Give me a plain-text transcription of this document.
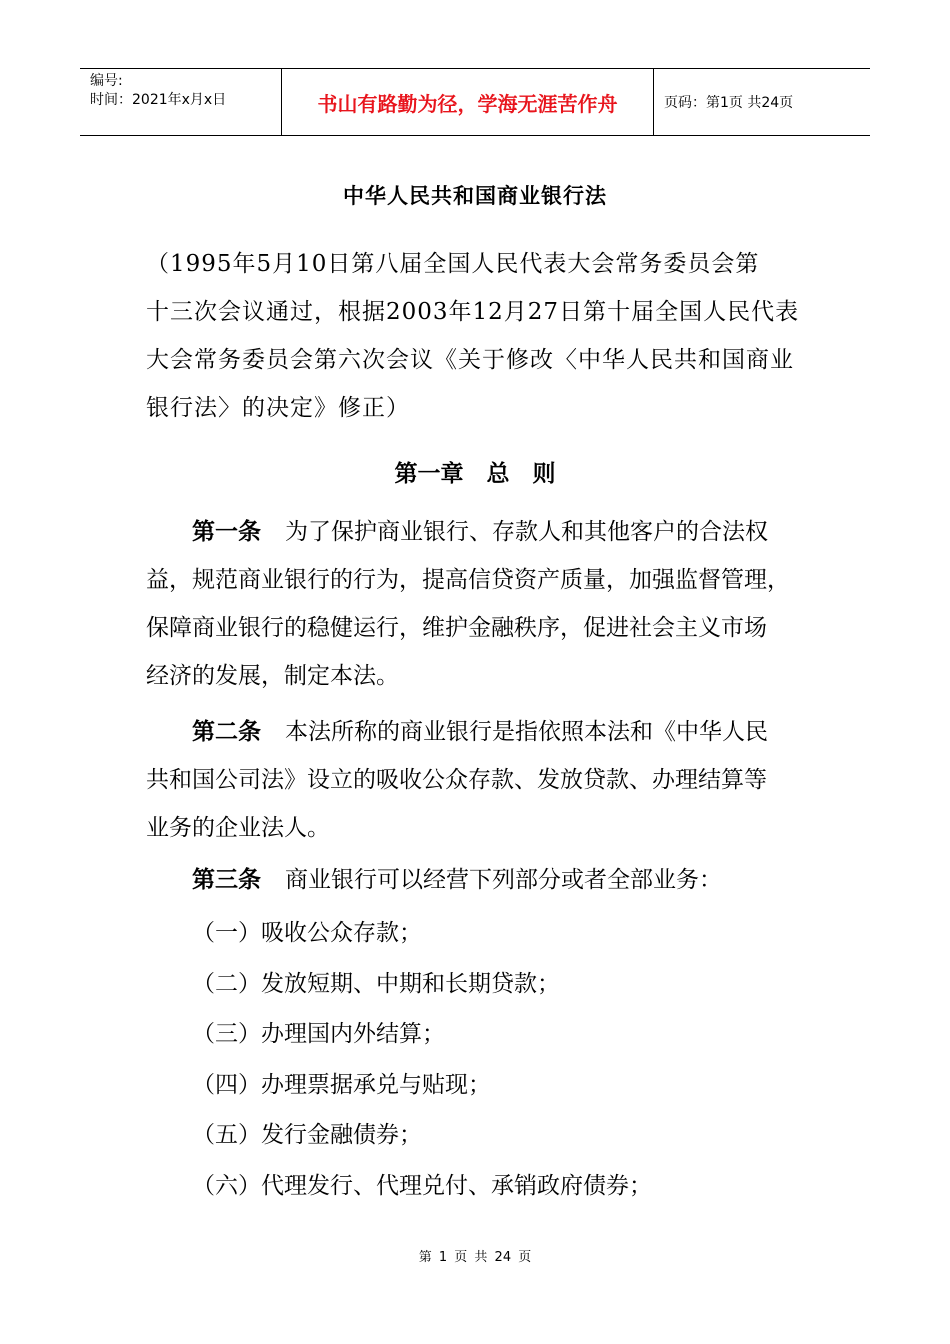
编号:
时间：2021年x月x日	书山有路勤为径，学海无涯苦作舟	页码：第1页 共24页
中华人民共和国商业银行法
（1995年5月10日第八届全国人民代表大会常务委员会第
十三次会议通过，根据2003年12月27日第十届全国人民代表
大会常务委员会第六次会议《关于修改〈中华人民共和国商业
银行法〉的决定》修正）
第一章　总　则
第一条 为了保护商业银行、存款人和其他客户的合法权
益，规范商业银行的行为，提高信贷资产质量，加强监督管理，
保障商业银行的稳健运行，维护金融秩序，促进社会主义市场
经济的发展，制定本法。
第二条 本法所称的商业银行是指依照本法和《中华人民
共和国公司法》设立的吸收公众存款、发放贷款、办理结算等
业务的企业法人。
第三条 商业银行可以经营下列部分或者全部业务：
（一）吸收公众存款；
（二）发放短期、中期和长期贷款；
（三）办理国内外结算；
（四）办理票据承兑与贴现；
（五）发行金融债券；
（六）代理发行、代理兑付、承销政府债券；
第 1 页 共 24 页
